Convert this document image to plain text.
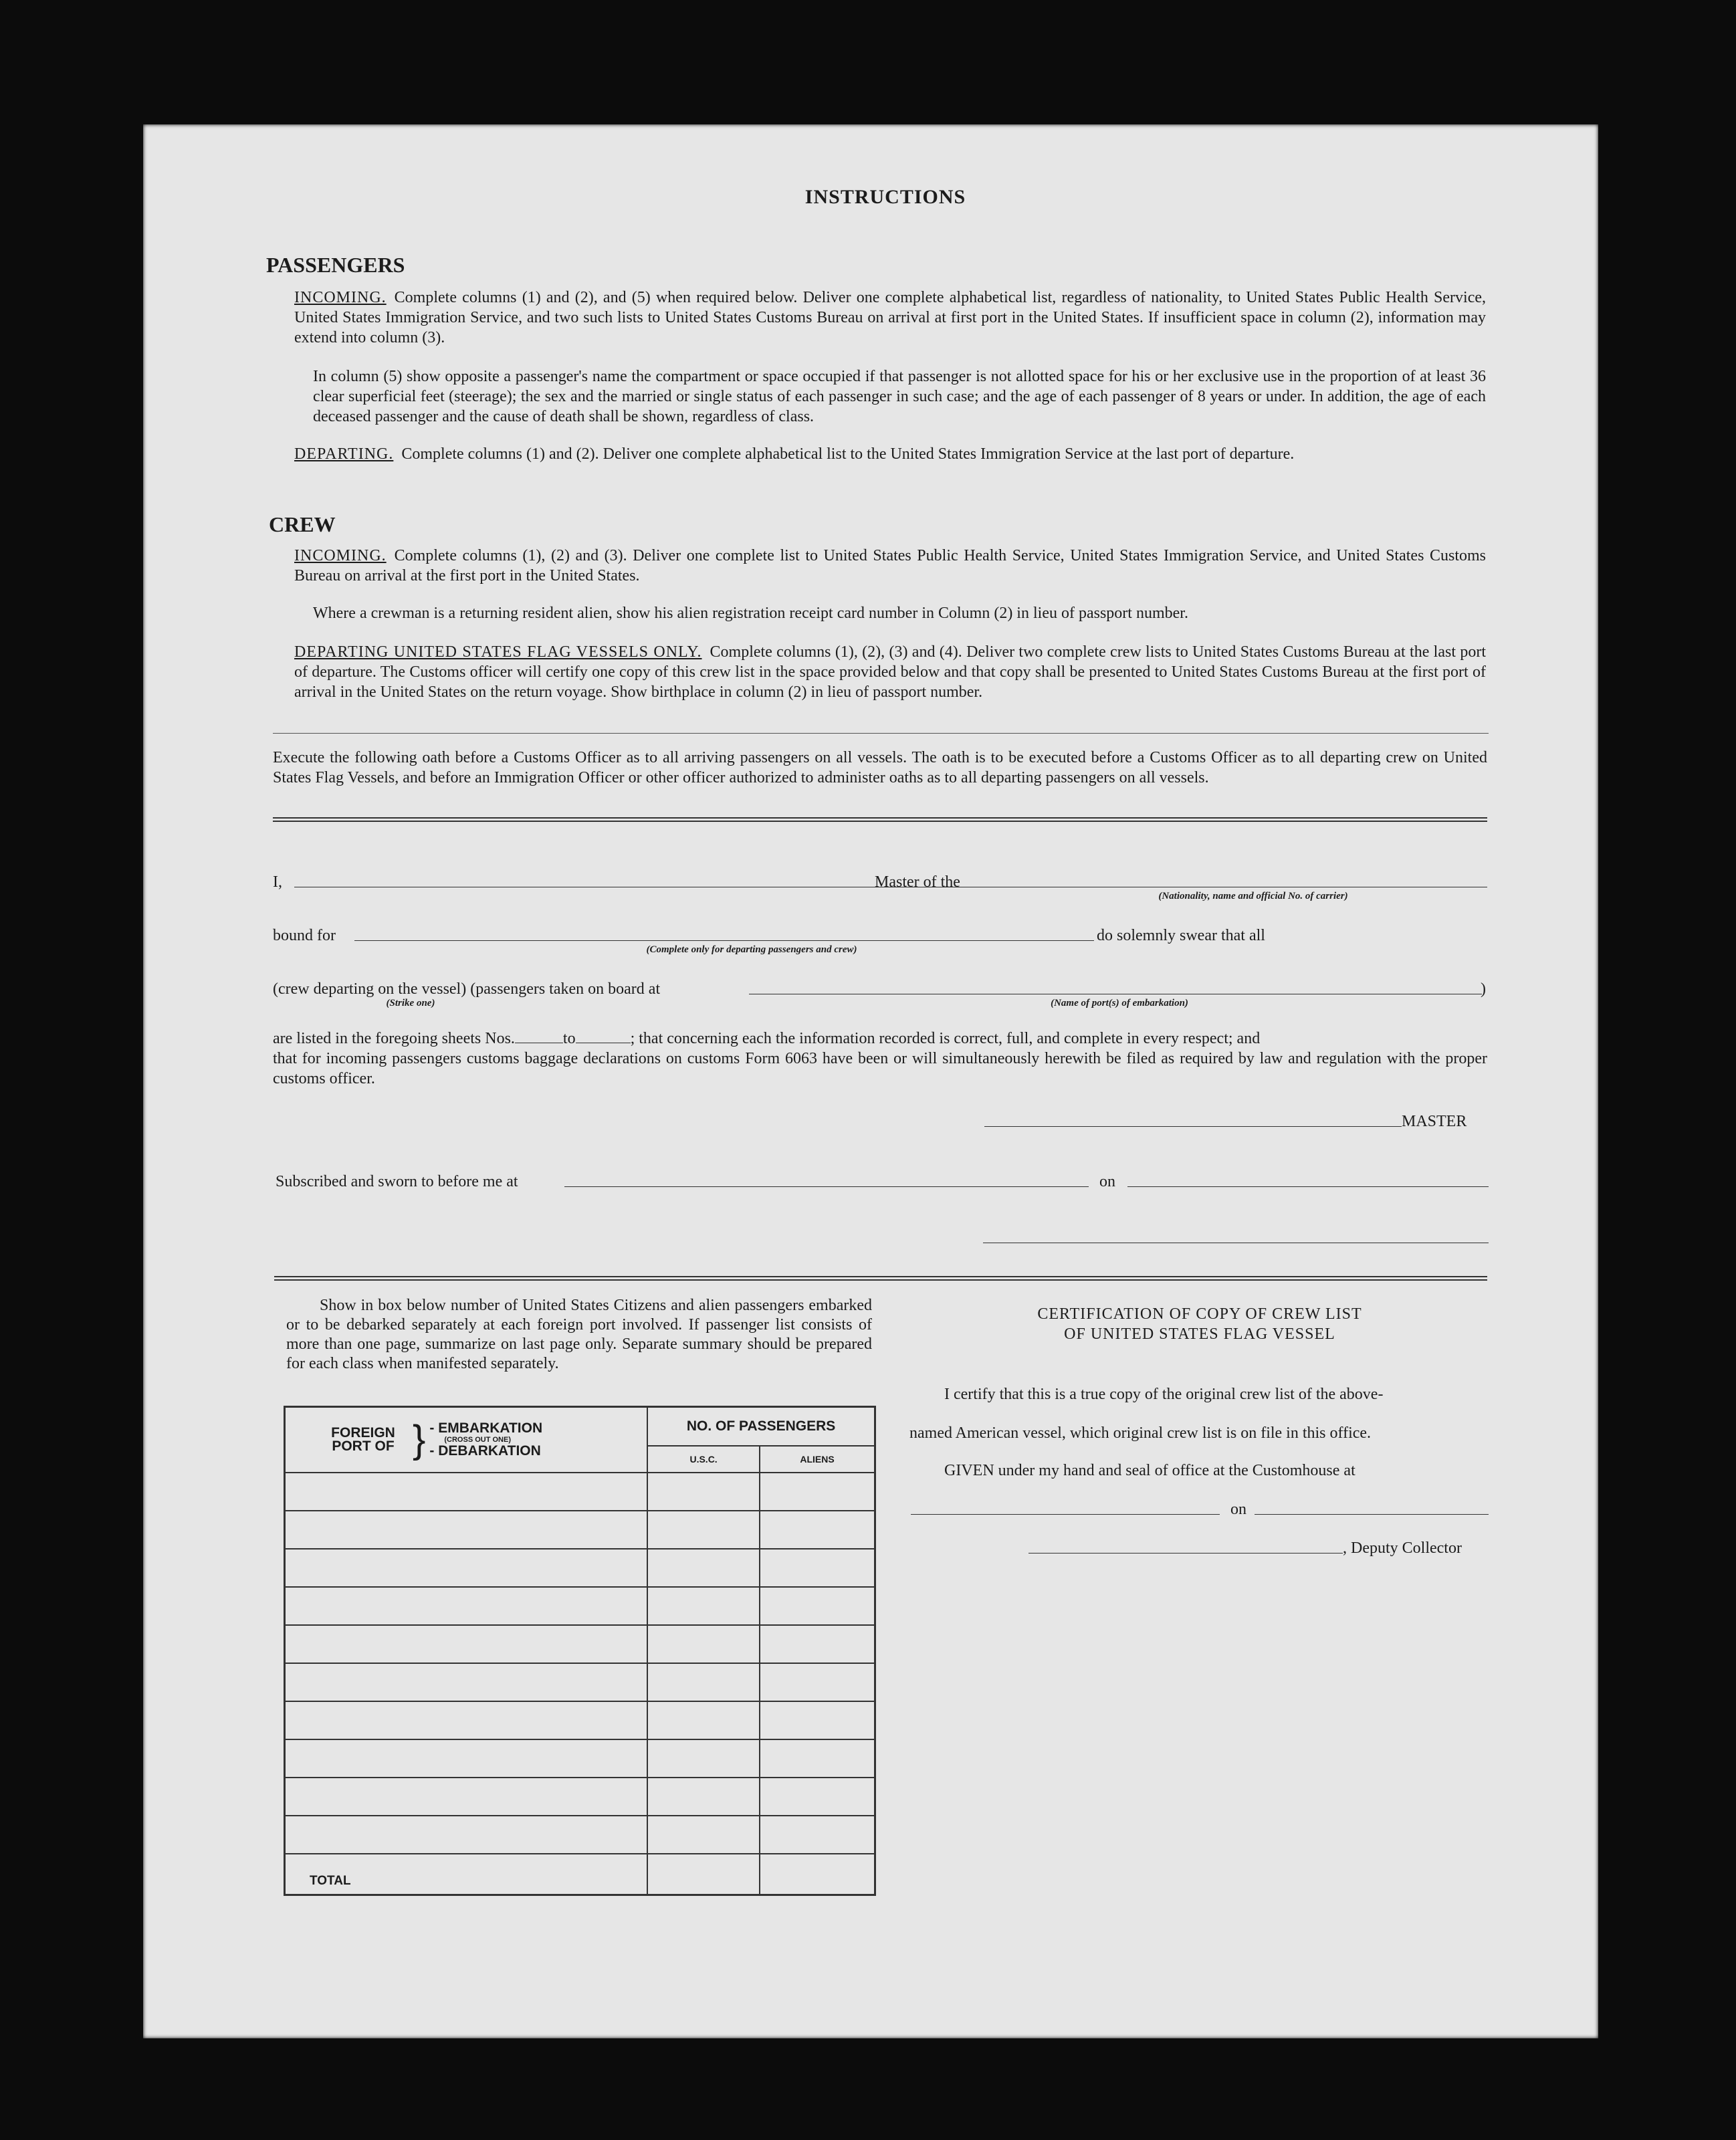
INSTRUCTIONS
PASSENGERS
INCOMING. Complete columns (1) and (2), and (5) when required below. Deliver one complete alphabetical list, regardless of nationality, to United States Public Health Service, United States Immigration Service, and two such lists to United States Customs Bureau on arrival at first port in the United States. If insufficient space in column (2), information may extend into column (3).
In column (5) show opposite a passenger's name the compartment or space occupied if that passenger is not allotted space for his or her exclusive use in the proportion of at least 36 clear superficial feet (steerage); the sex and the married or single status of each passenger in such case; and the age of each passenger of 8 years or under. In addition, the age of each deceased passenger and the cause of death shall be shown, regardless of class.
DEPARTING. Complete columns (1) and (2). Deliver one complete alphabetical list to the United States Immigration Service at the last port of departure.
CREW
INCOMING. Complete columns (1), (2) and (3). Deliver one complete list to United States Public Health Service, United States Immigration Service, and United States Customs Bureau on arrival at the first port in the United States.
Where a crewman is a returning resident alien, show his alien registration receipt card number in Column (2) in lieu of passport number.
DEPARTING UNITED STATES FLAG VESSELS ONLY. Complete columns (1), (2), (3) and (4). Deliver two complete crew lists to United States Customs Bureau at the last port of departure. The Customs officer will certify one copy of this crew list in the space provided below and that copy shall be presented to United States Customs Bureau at the first port of arrival in the United States on the return voyage. Show birthplace in column (2) in lieu of passport number.
Execute the following oath before a Customs Officer as to all arriving passengers on all vessels. The oath is to be executed before a Customs Officer as to all departing crew on United States Flag Vessels, and before an Immigration Officer or other officer authorized to administer oaths as to all departing passengers on all vessels.
I,	Master of the
(Nationality, name and official No. of carrier)
bound for
(Complete only for departing passengers and crew)
do solemnly swear that all
(crew departing on the vessel) (passengers taken on board at
(Strike one)	(Name of port(s) of embarkation)
)
are listed in the foregoing sheets Nos.	to	; that concerning each the information recorded is correct, full, and complete in every respect; and
that for incoming passengers customs baggage declarations on customs Form 6063 have been or will simultaneously herewith be filed as required by law and regulation with the proper customs officer.
MASTER
Subscribed and sworn to before me at	on
Show in box below number of United States Citizens and alien passengers embarked or to be debarked separately at each foreign port involved. If passenger list consists of more than one page, summarize on last page only. Separate summary should be prepared for each class when manifested separately.
FOREIGN PORT OF } - EMBARKATION
(CROSS OUT ONE)
- DEBARKATION	NO. OF PASSENGERS	
	U.S.C.	ALIENS

TOTAL		
CERTIFICATION OF COPY OF CREW LIST
OF UNITED STATES FLAG VESSEL
I certify that this is a true copy of the original crew list of the above-
named American vessel, which original crew list is on file in this office.
GIVEN under my hand and seal of office at the Customhouse at
on
, Deputy Collector
